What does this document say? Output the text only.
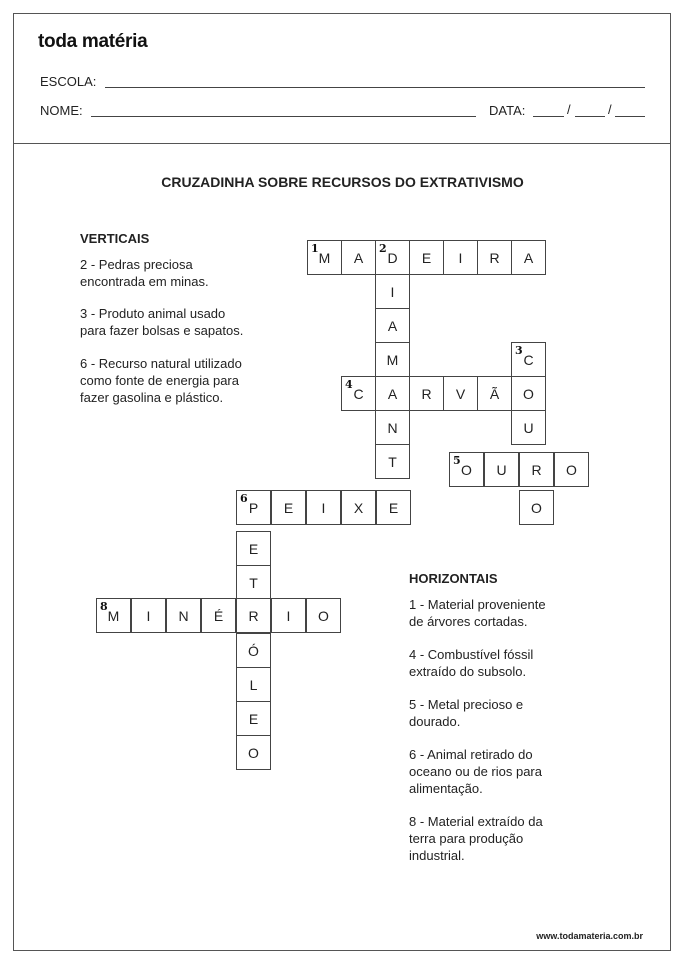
toda matéria
ESCOLA:
NOME:	DATA:	/	/
CRUZADINHA SOBRE RECURSOS DO EXTRATIVISMO
VERTICAIS
2 - Pedras preciosa
encontrada em minas.
3 - Produto animal usado
para fazer bolsas e sapatos.
6 - Recurso natural utilizado
como fonte de energia para
fazer gasolina e plástico.
HORIZONTAIS
1 - Material proveniente
de árvores cortadas.
4 - Combustível fóssil
extraído do subsolo.
5 - Metal precioso e
dourado.
6 - Animal retirado do
oceano ou de rios para
alimentação.
8 - Material extraído da
terra para produção
industrial.
M
1
A D
2
E I R A
I
A
M	C
3
C
4
A R V Ã O
N	U
T	O
5
U R O
P
6
E I X E	O
E
T
M
8
I N É	I O
Ó
L
E
O
R
www.todamateria.com.br
